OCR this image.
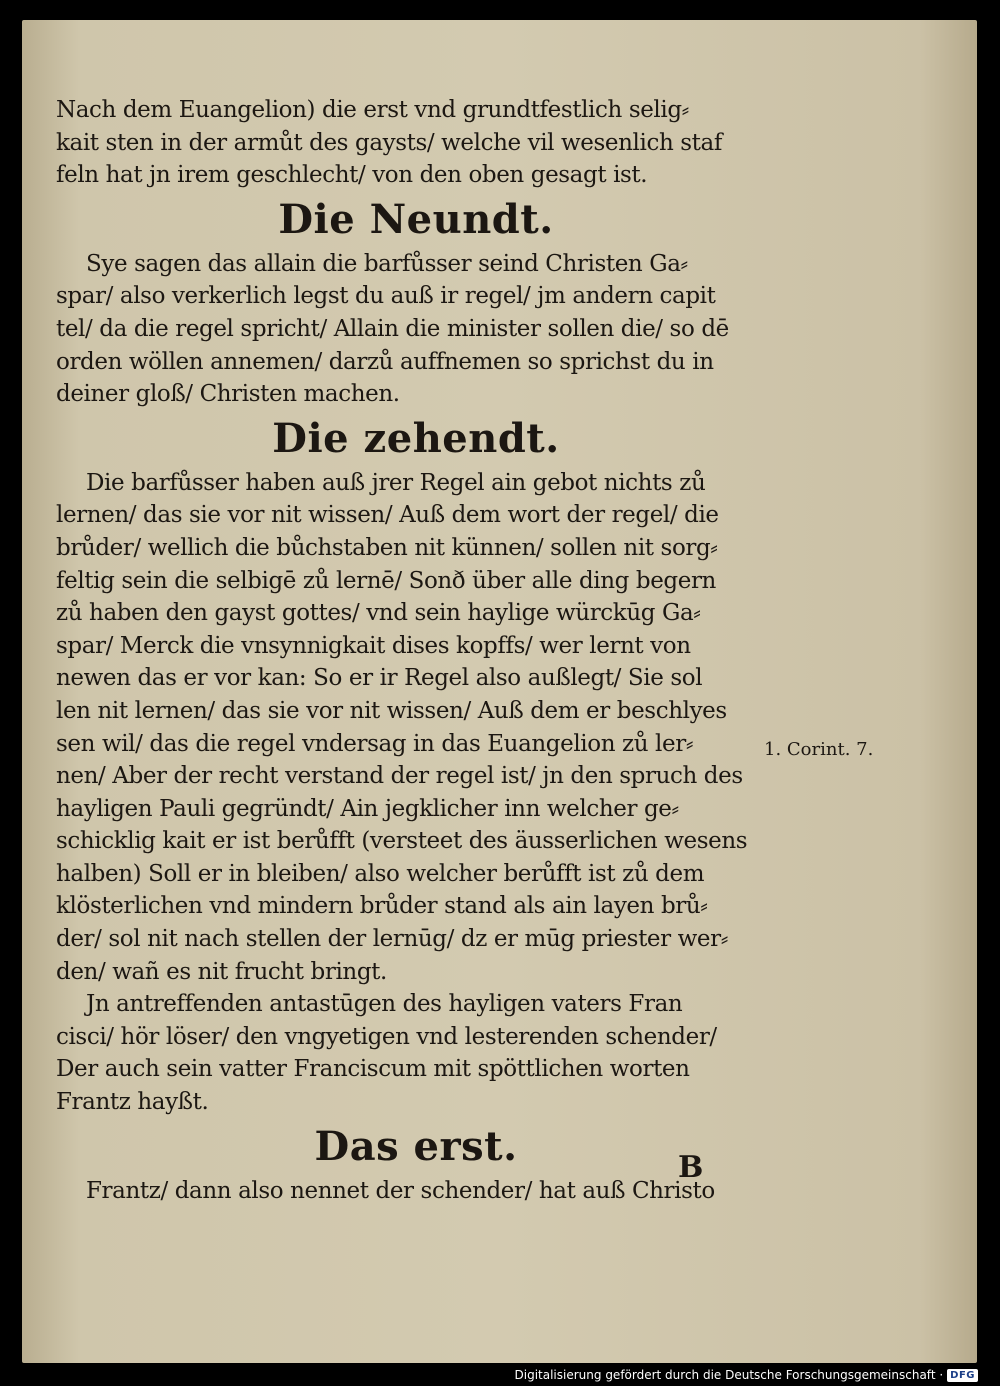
Nach dem Euangelion) die erst vnd grundtfestlich selig⸗
kait sten in der armůt des gaysts/ welche vil wesenlich staf
feln hat jn irem geschlecht/ von den oben gesagt ist.
Die Neundt.
Sye sagen das allain die barfůsser seind Christen Ga⸗
spar/ also verkerlich legst du auß ir regel/ jm andern capit
tel/ da die regel spricht/ Allain die minister sollen die/ so dē
orden wöllen annemen/ darzů auffnemen so sprichst du in
deiner gloß/ Christen machen.
Die zehendt.
Die barfůsser haben auß jrer Regel ain gebot nichts zů
lernen/ das sie vor nit wissen/ Auß dem wort der regel/ die
brůder/ wellich die bůchstaben nit künnen/ sollen nit sorg⸗
feltig sein die selbigē zů lernē/ Sonð über alle ding begern
zů haben den gayst gottes/ vnd sein haylige würckūg Ga⸗
spar/ Merck die vnsynnigkait dises kopffs/ wer lernt von
newen das er vor kan: So er ir Regel also außlegt/ Sie sol
len nit lernen/ das sie vor nit wissen/ Auß dem er beschlyes
sen wil/ das die regel vndersag in das Euangelion zů ler⸗
nen/ Aber der recht verstand der regel ist/ jn den spruch des
hayligen Pauli gegründt/ Ain jegklicher inn welcher ge⸗
schicklig kait er ist berůfft (versteet des äusserlichen wesens
halben) Soll er in bleiben/ also welcher berůfft ist zů dem
klösterlichen vnd mindern brůder stand als ain layen brů⸗
der/ sol nit nach stellen der lernūg/ dz er mūg priester wer⸗
den/ wañ es nit frucht bringt.
Jn antreffenden antastūgen des hayligen vaters Fran
cisci/ hör löser/ den vngyetigen vnd lesterenden schender/
Der auch sein vatter Franciscum mit spöttlichen worten
Frantz hayßt.
Das erst.
Frantz/ dann also nennet der schender/ hat auß Christo
1. Corint. 7.
B
Digitalisierung gefördert durch die Deutsche Forschungsgemeinschaft · DFG
